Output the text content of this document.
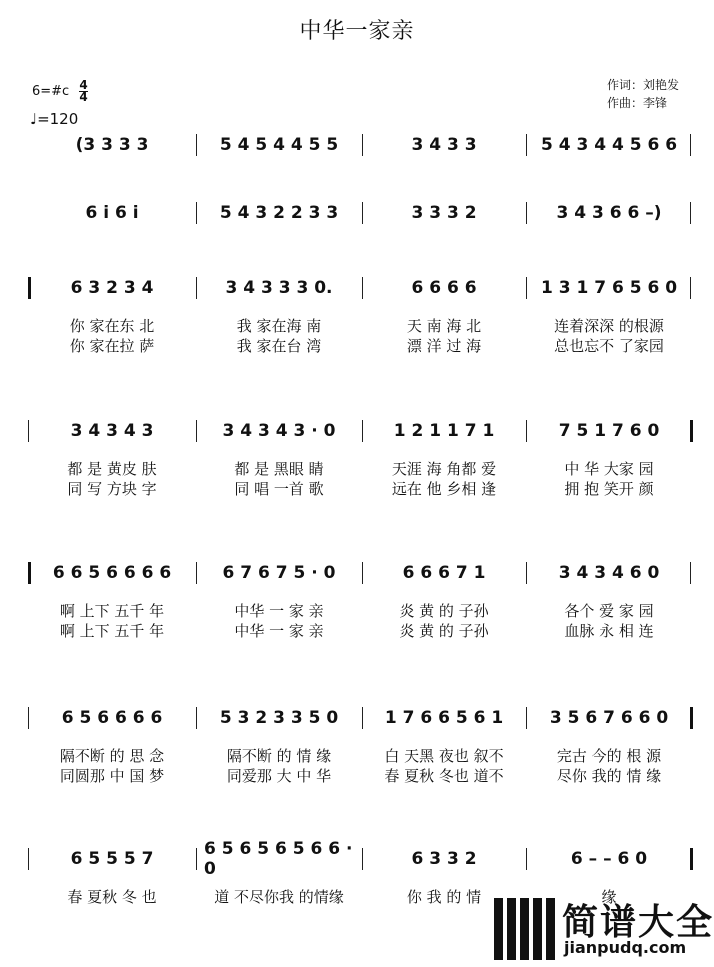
中华一家亲
6=#c $\frac{4}{4}$
♩=120
作词：刘艳发
作曲：李锋
(3 3 3 3	5 4 5 4 4 5 5	3 4 3 3	5 4 3 4 4 5 6 6
6 i 6 i	5 4 3 2 2 3 3	3 3 3 2	3 4 3 6 6 –)
6 3 2 3 4	3 4 3 3 3 0.	6 6 6 6	1 3 1 7 6 5 6 0
你 家在东 北	我 家在海 南	天 南 海 北	连着深深 的根源
你 家在拉 萨	我 家在台 湾	漂 洋 过 海	总也忘不 了家园
3 4 3 4 3	3 4 3 4 3 · 0	1 2 1 1 7 1	7 5 1 7 6 0
都 是 黄皮 肤	都 是 黑眼 睛	天涯 海 角都 爱	中 华 大家 园
同 写 方块 字	同 唱 一首 歌	远在 他 乡相 逢	拥 抱 笑开 颜
6 6 5 6 6 6 6	6 7 6 7 5 · 0	6 6 6 7 1	3 4 3 4 6 0
啊 上下 五千 年	中华 一 家 亲	炎 黄 的 子孙	各个 爱 家 园
啊 上下 五千 年	中华 一 家 亲	炎 黄 的 子孙	血脉 永 相 连
6 5 6 6 6 6	5 3 2 3 3 5 0	1 7 6 6 5 6 1	3 5 6 7 6 6 0
隔不断 的 思 念	隔不断 的 情 缘	白 天黑 夜也 叙不	完古 今的 根 源
同圆那 中 国 梦	同爱那 大 中 华	春 夏秋 冬也 道不	尽你 我的 情 缘
6 5 5 5 7	6 5 6 5 6 5 6 6 · 0	6 3 3 2	6 – – 6 0
春 夏秋 冬 也	道 不尽你我 的情缘	你 我 的 情	缘
简谱大全
jianpudq.com
